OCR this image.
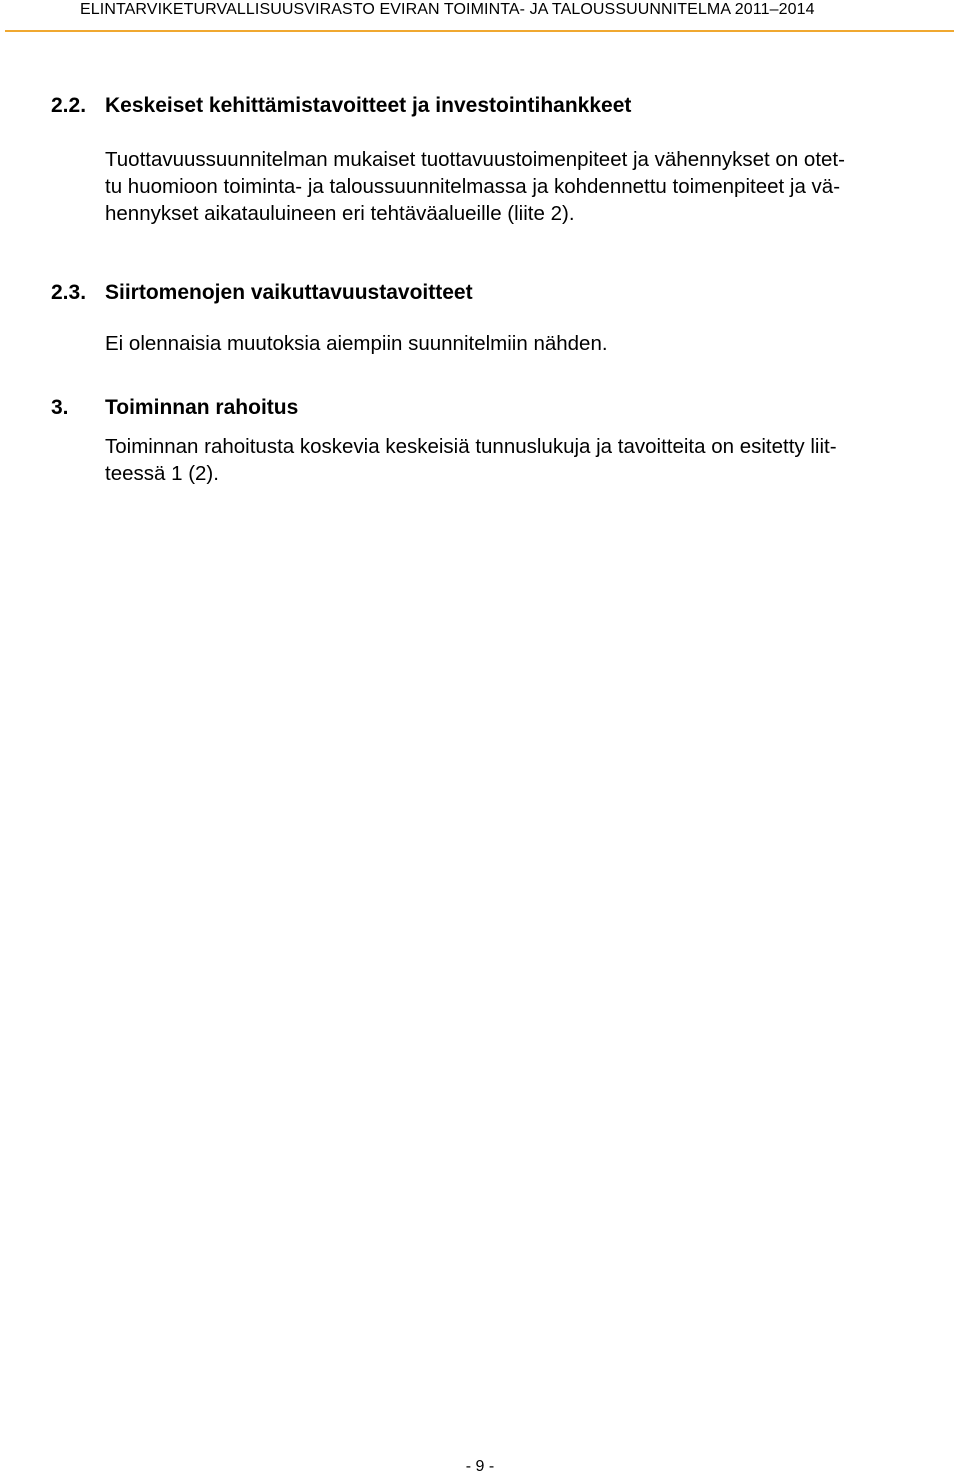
ELINTARVIKETURVALLISUUSVIRASTO EVIRAN TOIMINTA- JA TALOUSSUUNNITELMA 2011–2014
2.2. Keskeiset kehittämistavoitteet ja investointihankkeet
Tuottavuussuunnitelman mukaiset tuottavuustoimenpiteet ja vähennykset on otet-
tu huomioon toiminta- ja taloussuunnitelmassa ja kohdennettu toimenpiteet ja vä-
hennykset aikatauluineen eri tehtäväalueille (liite 2).
2.3. Siirtomenojen vaikuttavuustavoitteet
Ei olennaisia muutoksia aiempiin suunnitelmiin nähden.
3. Toiminnan rahoitus
Toiminnan rahoitusta koskevia keskeisiä tunnuslukuja ja tavoitteita on esitetty liit-
teessä 1 (2).
- 9 -
